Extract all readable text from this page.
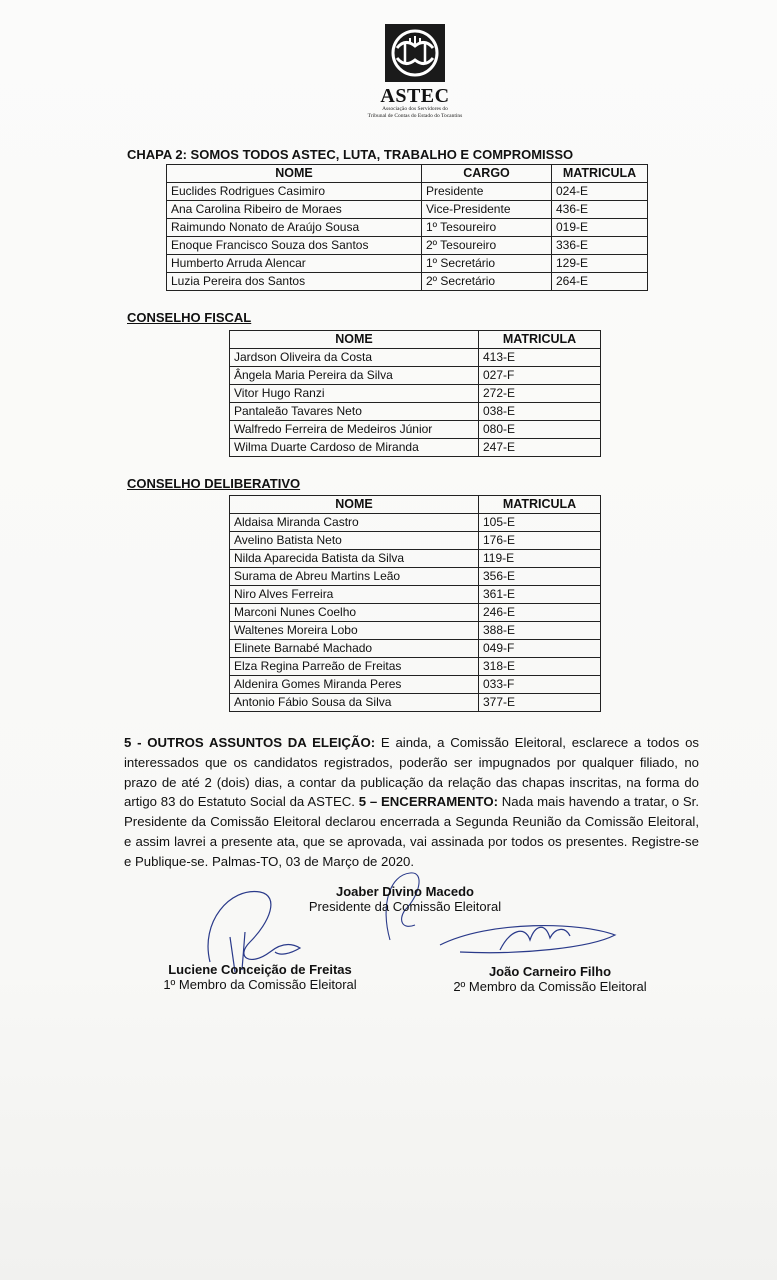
ASTEC
Associação dos Servidores do
Tribunal de Contas do Estado do Tocantins
CHAPA 2: SOMOS TODOS ASTEC, LUTA, TRABALHO E COMPROMISSO
NOME	CARGO	MATRICULA
Euclides Rodrigues Casimiro	Presidente	024-E
Ana Carolina Ribeiro de Moraes	Vice-Presidente	436-E
Raimundo Nonato de Araújo Sousa	1º Tesoureiro	019-E
Enoque Francisco Souza dos Santos	2º Tesoureiro	336-E
Humberto Arruda Alencar	1º Secretário	129-E
Luzia Pereira dos Santos	2º Secretário	264-E
CONSELHO FISCAL
NOME	MATRICULA
Jardson Oliveira da Costa	413-E
Ângela Maria Pereira da Silva	027-F
Vitor Hugo Ranzi	272-E
Pantaleão Tavares Neto	038-E
Walfredo Ferreira de Medeiros Júnior	080-E
Wilma Duarte Cardoso de Miranda	247-E
CONSELHO DELIBERATIVO
NOME	MATRICULA
Aldaisa Miranda Castro	105-E
Avelino Batista Neto	176-E
Nilda Aparecida Batista da Silva	119-E
Surama de Abreu Martins Leão	356-E
Niro Alves Ferreira	361-E
Marconi Nunes Coelho	246-E
Waltenes Moreira Lobo	388-E
Elinete Barnabé Machado	049-F
Elza Regina Parreão de Freitas	318-E
Aldenira Gomes Miranda Peres	033-F
Antonio Fábio Sousa da Silva	377-E
5 - OUTROS ASSUNTOS DA ELEIÇÃO: E ainda, a Comissão Eleitoral, esclarece a todos os interessados que os candidatos registrados, poderão ser impugnados por qualquer filiado, no prazo de até 2 (dois) dias, a contar da publicação da relação das chapas inscritas, na forma do artigo 83 do Estatuto Social da ASTEC. 5 – ENCERRAMENTO: Nada mais havendo a tratar, o Sr. Presidente da Comissão Eleitoral declarou encerrada a Segunda Reunião da Comissão Eleitoral, e assim lavrei a presente ata, que se aprovada, vai assinada por todos os presentes. Registre-se e Publique-se. Palmas-TO, 03 de Março de 2020.
Joaber Divino Macedo
Presidente da Comissão Eleitoral
Luciene Conceição de Freitas
1º Membro da Comissão Eleitoral
João Carneiro Filho
2º Membro da Comissão Eleitoral
